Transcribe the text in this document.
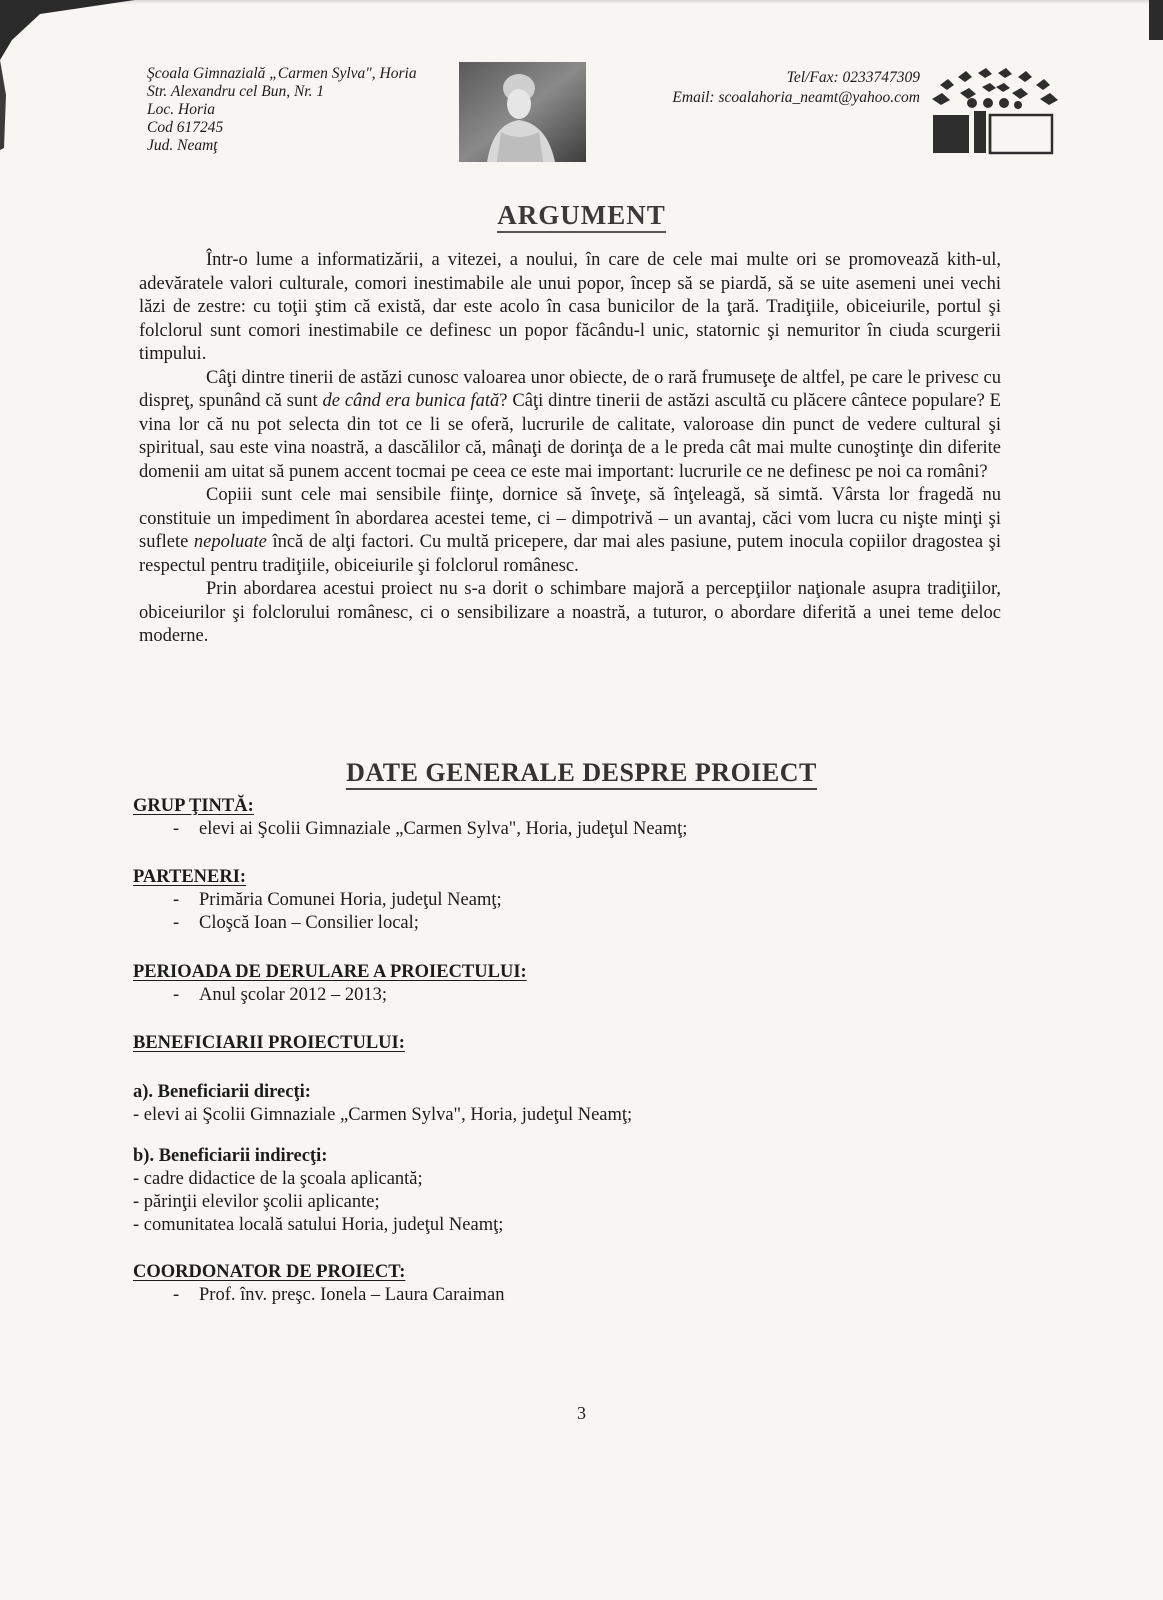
Şcoala Gimnazială „Carmen Sylva", Horia
Str. Alexandru cel Bun, Nr. 1
Loc. Horia
Cod 617245
Jud. Neamţ
Tel/Fax: 0233747309
Email: scoalahoria_neamt@yahoo.com
ARGUMENT

Într-o lume a informatizării, a vitezei, a noului, în care de cele mai multe ori se promovează kith-ul, adevăratele valori culturale, comori inestimabile ale unui popor, încep să se piardă, să se uite asemeni unei vechi lăzi de zestre: cu toţii ştim că există, dar este acolo în casa bunicilor de la ţară. Tradiţiile, obiceiurile, portul şi folclorul sunt comori inestimabile ce definesc un popor făcându-l unic, statornic şi nemuritor în ciuda scurgerii timpului.

Câţi dintre tinerii de astăzi cunosc valoarea unor obiecte, de o rară frumuseţe de altfel, pe care le privesc cu dispreţ, spunând că sunt de când era bunica fată? Câţi dintre tinerii de astăzi ascultă cu plăcere cântece populare? E vina lor că nu pot selecta din tot ce li se oferă, lucrurile de calitate, valoroase din punct de vedere cultural şi spiritual, sau este vina noastră, a dascălilor că, mânaţi de dorinţa de a le preda cât mai multe cunoştinţe din diferite domenii am uitat să punem accent tocmai pe ceea ce este mai important: lucrurile ce ne definesc pe noi ca români?

Copiii sunt cele mai sensibile fiinţe, dornice să înveţe, să înţeleagă, să simtă. Vârsta lor fragedă nu constituie un impediment în abordarea acestei teme, ci – dimpotrivă – un avantaj, căci vom lucra cu nişte minţi şi suflete nepoluate încă de alţi factori. Cu multă pricepere, dar mai ales pasiune, putem inocula copiilor dragostea şi respectul pentru tradiţiile, obiceiurile şi folclorul românesc.

Prin abordarea acestui proiect nu s-a dorit o schimbare majoră a percepţiilor naţionale asupra tradiţiilor, obiceiurilor şi folclorului românesc, ci o sensibilizare a noastră, a tuturor, o abordare diferită a unei teme deloc moderne.

DATE GENERALE DESPRE PROIECT
GRUP ŢINTĂ:
- elevi ai Şcolii Gimnaziale „Carmen Sylva", Horia, judeţul Neamţ;
PARTENERI:
- Primăria Comunei Horia, judeţul Neamţ;
- Cloşcă Ioan – Consilier local;
PERIOADA DE DERULARE A PROIECTULUI:
- Anul şcolar 2012 – 2013;
BENEFICIARII PROIECTULUI:
a). Beneficiarii direcţi:
- elevi ai Şcolii Gimnaziale „Carmen Sylva", Horia, judeţul Neamţ;
b). Beneficiarii indirecţi:
- cadre didactice de la şcoala aplicantă;
- părinţii elevilor şcolii aplicante;
- comunitatea locală satului Horia, judeţul Neamţ;
COORDONATOR DE PROIECT:
- Prof. înv. preşc. Ionela – Laura Caraiman
3
